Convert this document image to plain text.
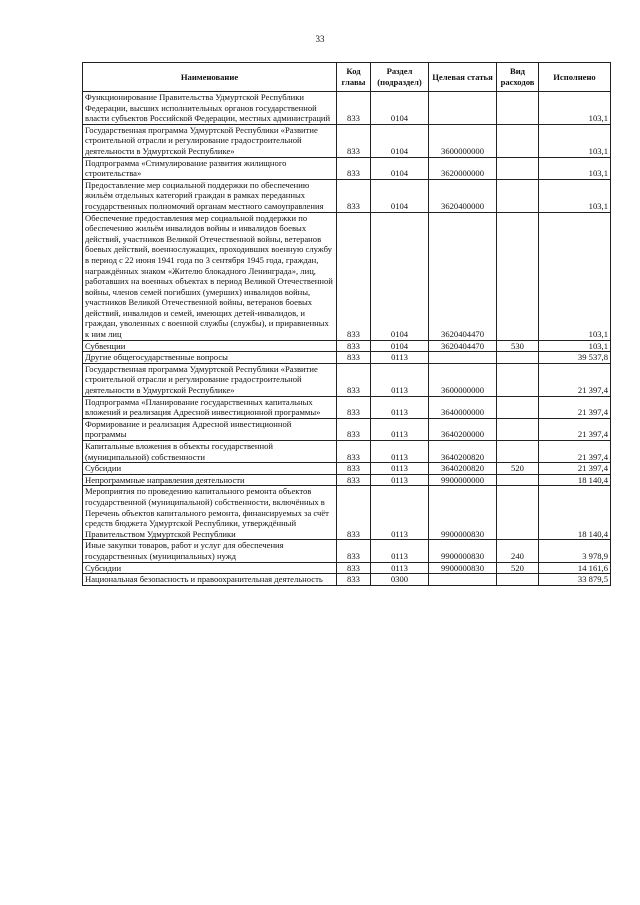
33
Наименование	Код главы	Раздел (подраздел)	Целевая статья	Вид расходов	Исполнено
Функционирование Правительства Удмуртской Республики Федерации, высших исполнительных органов государственной власти субъектов Российской Федерации, местных администраций	833	0104			103,1
Государственная программа Удмуртской Республики «Развитие строительной отрасли и регулирование градостроительной деятельности в Удмуртской Республике»	833	0104	3600000000		103,1
Подпрограмма «Стимулирование развития жилищного строительства»	833	0104	3620000000		103,1
Предоставление мер социальной поддержки по обеспечению жильём отдельных категорий граждан в рамках переданных государственных полномочий органам местного самоуправления	833	0104	3620400000		103,1
Обеспечение предоставления мер социальной поддержки по обеспечению жильём инвалидов войны и инвалидов боевых действий, участников Великой Отечественной войны, ветеранов боевых действий, военнослужащих, проходивших военную службу в период с 22 июня 1941 года по 3 сентября 1945 года, граждан, награждённых знаком «Жителю блокадного Ленинграда», лиц, работавших на военных объектах в период Великой Отечественной войны, членов семей погибших (умерших) инвалидов войны, участников Великой Отечественной войны, ветеранов боевых действий, инвалидов и семей, имеющих детей-инвалидов, и граждан, уволенных с военной службы (службы), и приравненных к ним лиц	833	0104	3620404470		103,1
Субвенции	833	0104	3620404470	530	103,1
Другие общегосударственные вопросы	833	0113			39 537,8
Государственная программа Удмуртской Республики «Развитие строительной отрасли и регулирование градостроительной деятельности в Удмуртской Республике»	833	0113	3600000000		21 397,4
Подпрограмма «Планирование государственных капитальных вложений и реализация Адресной инвестиционной программы»	833	0113	3640000000		21 397,4
Формирование и реализация Адресной инвестиционной программы	833	0113	3640200000		21 397,4
Капитальные вложения в объекты государственной (муниципальной) собственности	833	0113	3640200820		21 397,4
Субсидии	833	0113	3640200820	520	21 397,4
Непрограммные направления деятельности	833	0113	9900000000		18 140,4
Мероприятия по проведению капитального ремонта объектов государственной (муниципальной) собственности, включённых в Перечень объектов капитального ремонта, финансируемых за счёт средств бюджета Удмуртской Республики, утверждённый Правительством Удмуртской Республики	833	0113	9900000830		18 140,4
Иные закупки товаров, работ и услуг для обеспечения государственных (муниципальных) нужд	833	0113	9900000830	240	3 978,9
Субсидии	833	0113	9900000830	520	14 161,6
Национальная безопасность и правоохранительная деятельность	833	0300			33 879,5
